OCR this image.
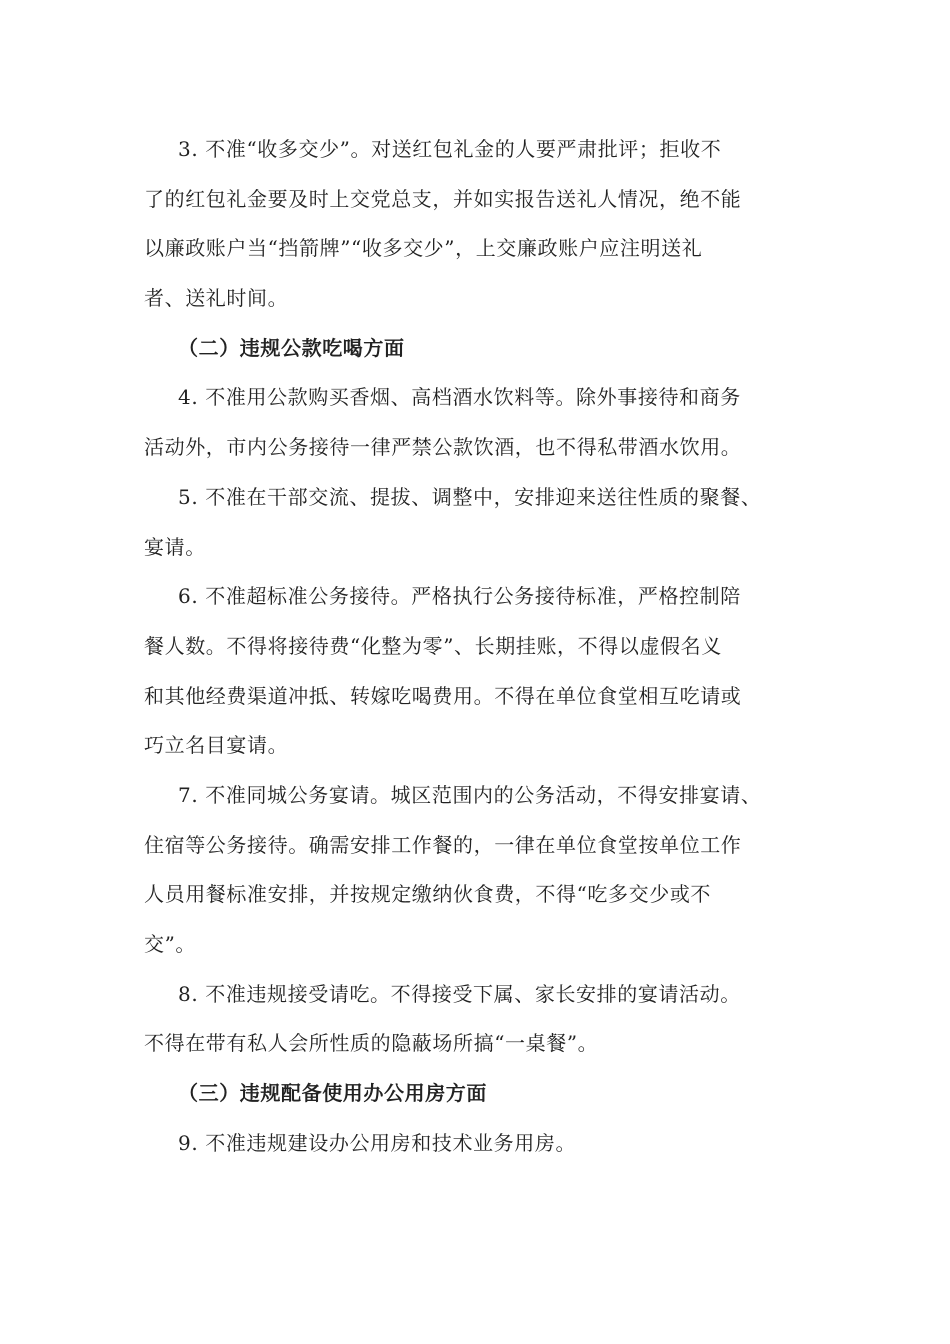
3. 不准“收多交少”。对送红包礼金的人要严肃批评；拒收不
了的红包礼金要及时上交党总支，并如实报告送礼人情况，绝不能
以廉政账户当“挡箭牌”“收多交少”，上交廉政账户应注明送礼
者、送礼时间。
（二）违规公款吃喝方面
4. 不准用公款购买香烟、高档酒水饮料等。除外事接待和商务
活动外，市内公务接待一律严禁公款饮酒，也不得私带酒水饮用。
5. 不准在干部交流、提拔、调整中，安排迎来送往性质的聚餐、
宴请。
6. 不准超标准公务接待。严格执行公务接待标准，严格控制陪
餐人数。不得将接待费“化整为零”、长期挂账，不得以虚假名义
和其他经费渠道冲抵、转嫁吃喝费用。不得在单位食堂相互吃请或
巧立名目宴请。
7. 不准同城公务宴请。城区范围内的公务活动，不得安排宴请、
住宿等公务接待。确需安排工作餐的，一律在单位食堂按单位工作
人员用餐标准安排，并按规定缴纳伙食费，不得“吃多交少或不
交”。
8. 不准违规接受请吃。不得接受下属、家长安排的宴请活动。
不得在带有私人会所性质的隐蔽场所搞“一桌餐”。
（三）违规配备使用办公用房方面
9. 不准违规建设办公用房和技术业务用房。
